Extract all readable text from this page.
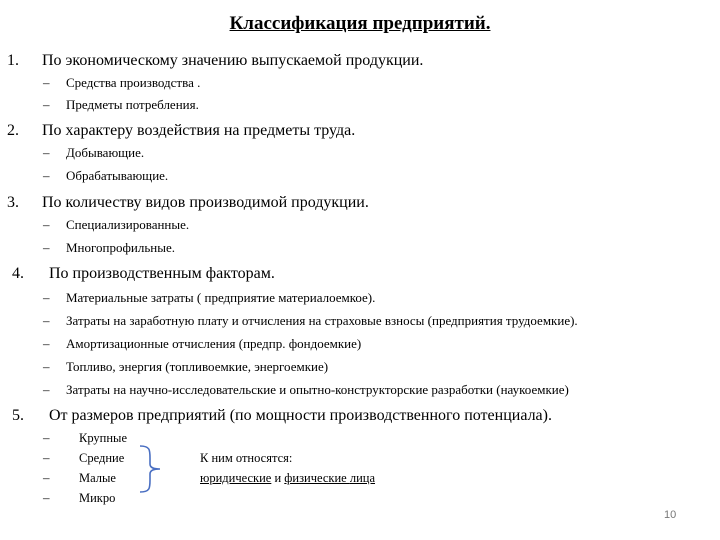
Классификация предприятий.
1. По экономическому значению выпускаемой продукции.
– Средства производства .
– Предметы потребления.
2. По характеру воздействия на предметы труда.
– Добывающие.
– Обрабатывающие.
3. По количеству видов производимой продукции.
– Специализированные.
– Многопрофильные.
4. По производственным факторам.
– Материальные затраты ( предприятие материалоемкое).
– Затраты на заработную плату и отчисления на страховые взносы (предприятия трудоемкие).
– Амортизационные отчисления (предпр. фондоемкие)
– Топливо, энергия (топливоемкие, энергоемкие)
– Затраты на научно-исследовательские и опытно-конструкторские разработки (наукоемкие)
5. От размеров предприятий (по мощности производственного потенциала).
– Крупные
– Средние
– Малые
– Микро
К ним относятся:
юридические и физические лица
10
